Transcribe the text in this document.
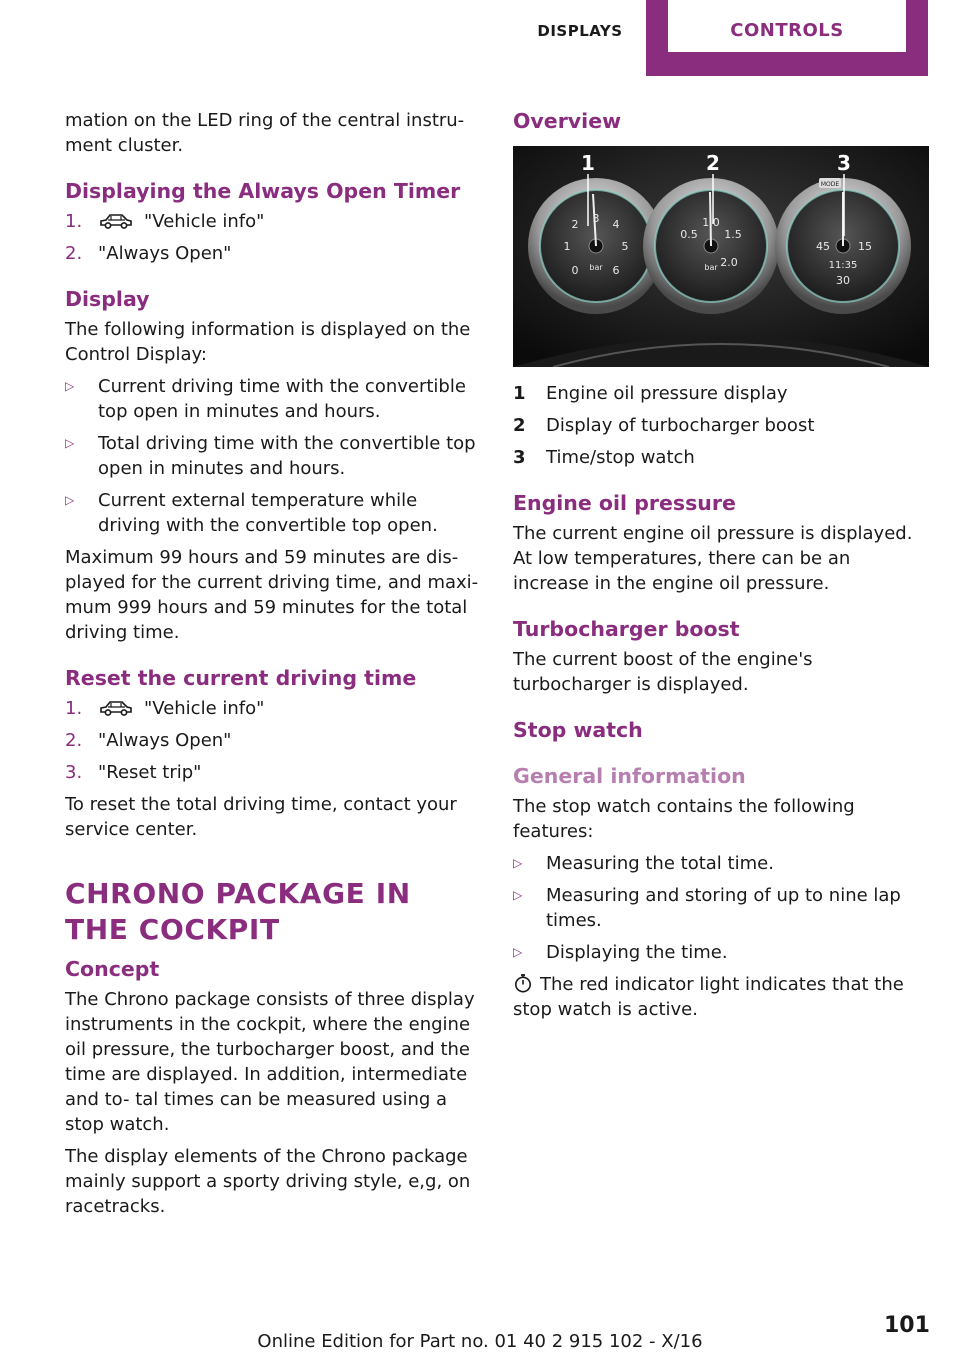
DISPLAYS	CONTROLS

mation on the LED ring of the central instru- ment cluster.

Displaying the Always Open Timer
1.	"Vehicle info"
2. "Always Open"
Display

The following information is displayed on the Control Display:

▷	Current driving time with the convertible top open in minutes and hours.
▷	Total driving time with the convertible top open in minutes and hours.
▷	Current external temperature while driving with the convertible top open.

Maximum 99 hours and 59 minutes are dis- played for the current driving time, and maxi- mum 999 hours and 59 minutes for the total driving time.

Reset the current driving time
1.	"Vehicle info"
2. "Always Open"
3. "Reset trip"

To reset the total driving time, contact your service center.

CHRONO PACKAGE IN THE COCKPIT
Concept

The Chrono package consists of three display instruments in the cockpit, where the engine oil pressure, the turbocharger boost, and the time are displayed. In addition, intermediate and to- tal times can be measured using a stop watch.

The display elements of the Chrono package mainly support a sporty driving style, e,g, on racetracks.

Overview
2 3 4
5
6
1
0 bar
0.5
1.0
1.5
2.0
bar
MODE
45	15
30
11:35
1	2	3
1	Engine oil pressure display
2	Display of turbocharger boost
3	Time/stop watch
Engine oil pressure

The current engine oil pressure is displayed. At low temperatures, there can be an increase in the engine oil pressure.

Turbocharger boost

The current boost of the engine's turbocharger is displayed.

Stop watch
General information

The stop watch contains the following features:

▷	Measuring the total time.
▷	Measuring and storing of up to nine lap times.
▷	Displaying the time.

The red indicator light indicates that the stop watch is active.

101
Online Edition for Part no. 01 40 2 915 102 - X/16
